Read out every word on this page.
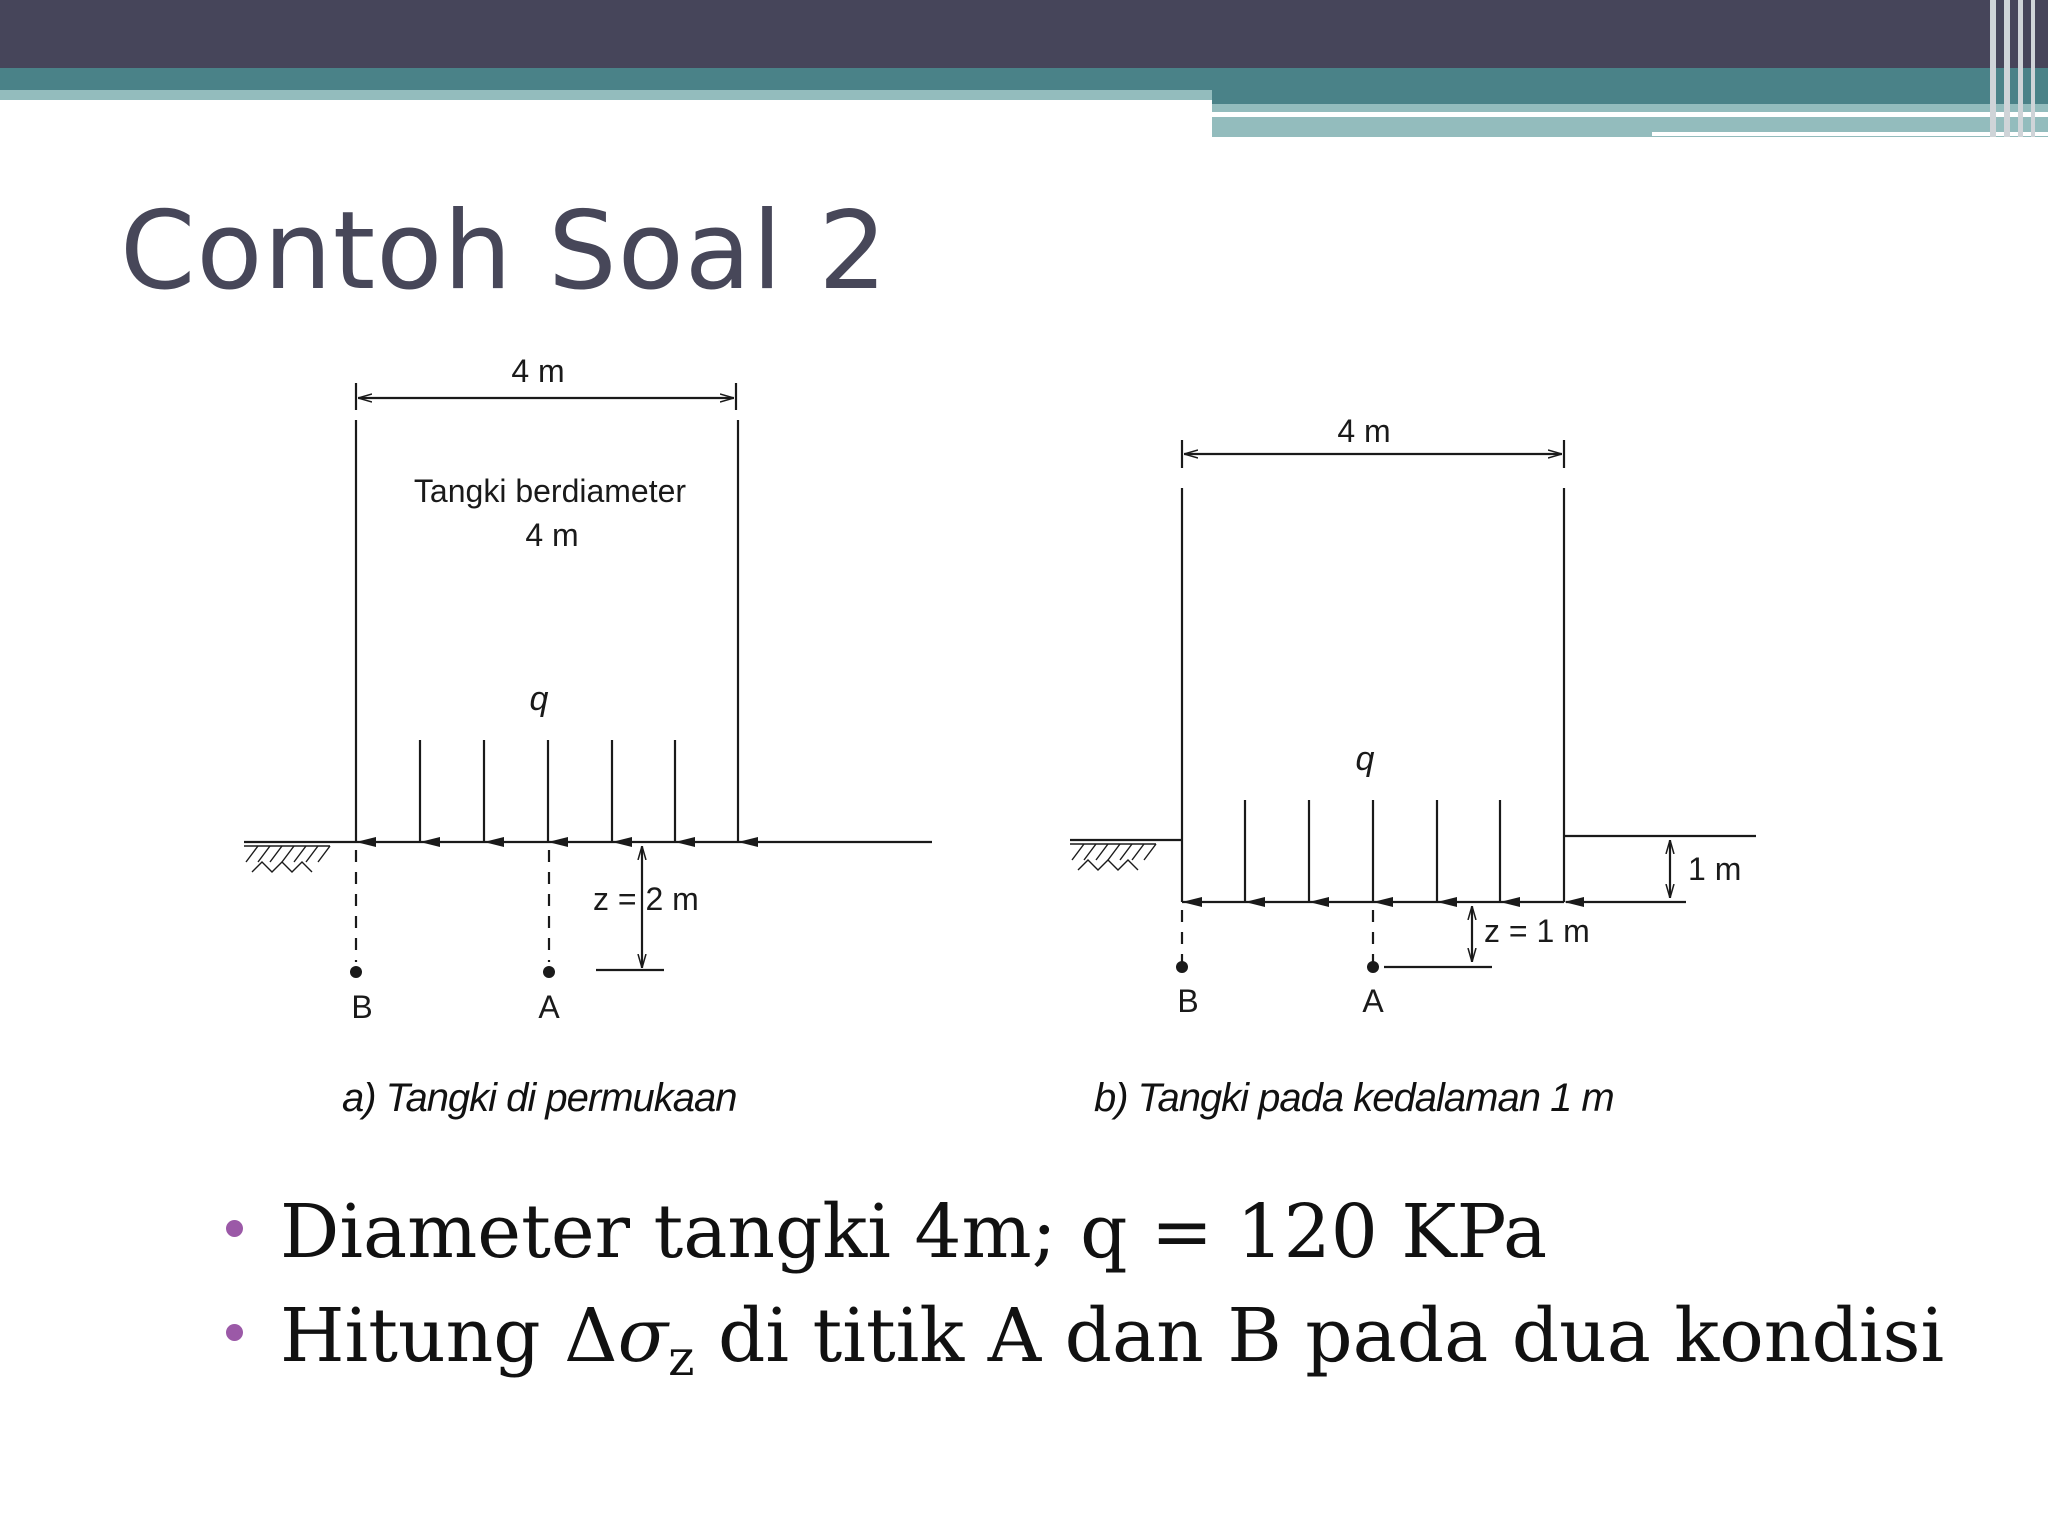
Contoh Soal 2
4 m
Tangki berdiameter
4 m
q
z = 2 m
B	A
4 m
q
1 m
z = 1 m
B	A
a) Tangki di permukaan	b) Tangki pada kedalaman 1 m
Diameter tangki 4m; q = 120 KPa
Hitung $\Delta\sigma_z$ di titik A dan B pada dua kondisi
